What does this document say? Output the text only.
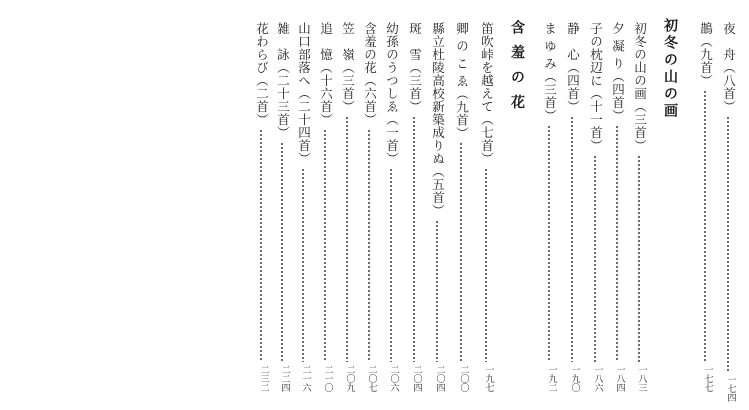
夜　舟（八首）
一七四
鵲（九首）
一七七
初冬の山の画
初冬の山の画（三首）
一八三
夕 凝 り（四首）
一八四
子の枕辺に（十一首）
一八六
静　心（四首）
一九〇
ま ゆ み（三首）
一九二
含 羞 の 花
笛吹峠を越えて（七首）
一九七
卿 の こ ゑ（九首）
二〇〇
縣立杜陵高校新築成りぬ（五首）
二〇四
斑　雪（三首）
二〇四
幼孫のうつしゑ（一首）
二〇六
含羞の花（六首）
二〇七
笠　嶺（三首）
二〇九
追　憶（十六首）
二一〇
山口部落へ（二十四首）
二一六
雑　詠（二十三首）
二二四
花わらび（二首）
二三二
